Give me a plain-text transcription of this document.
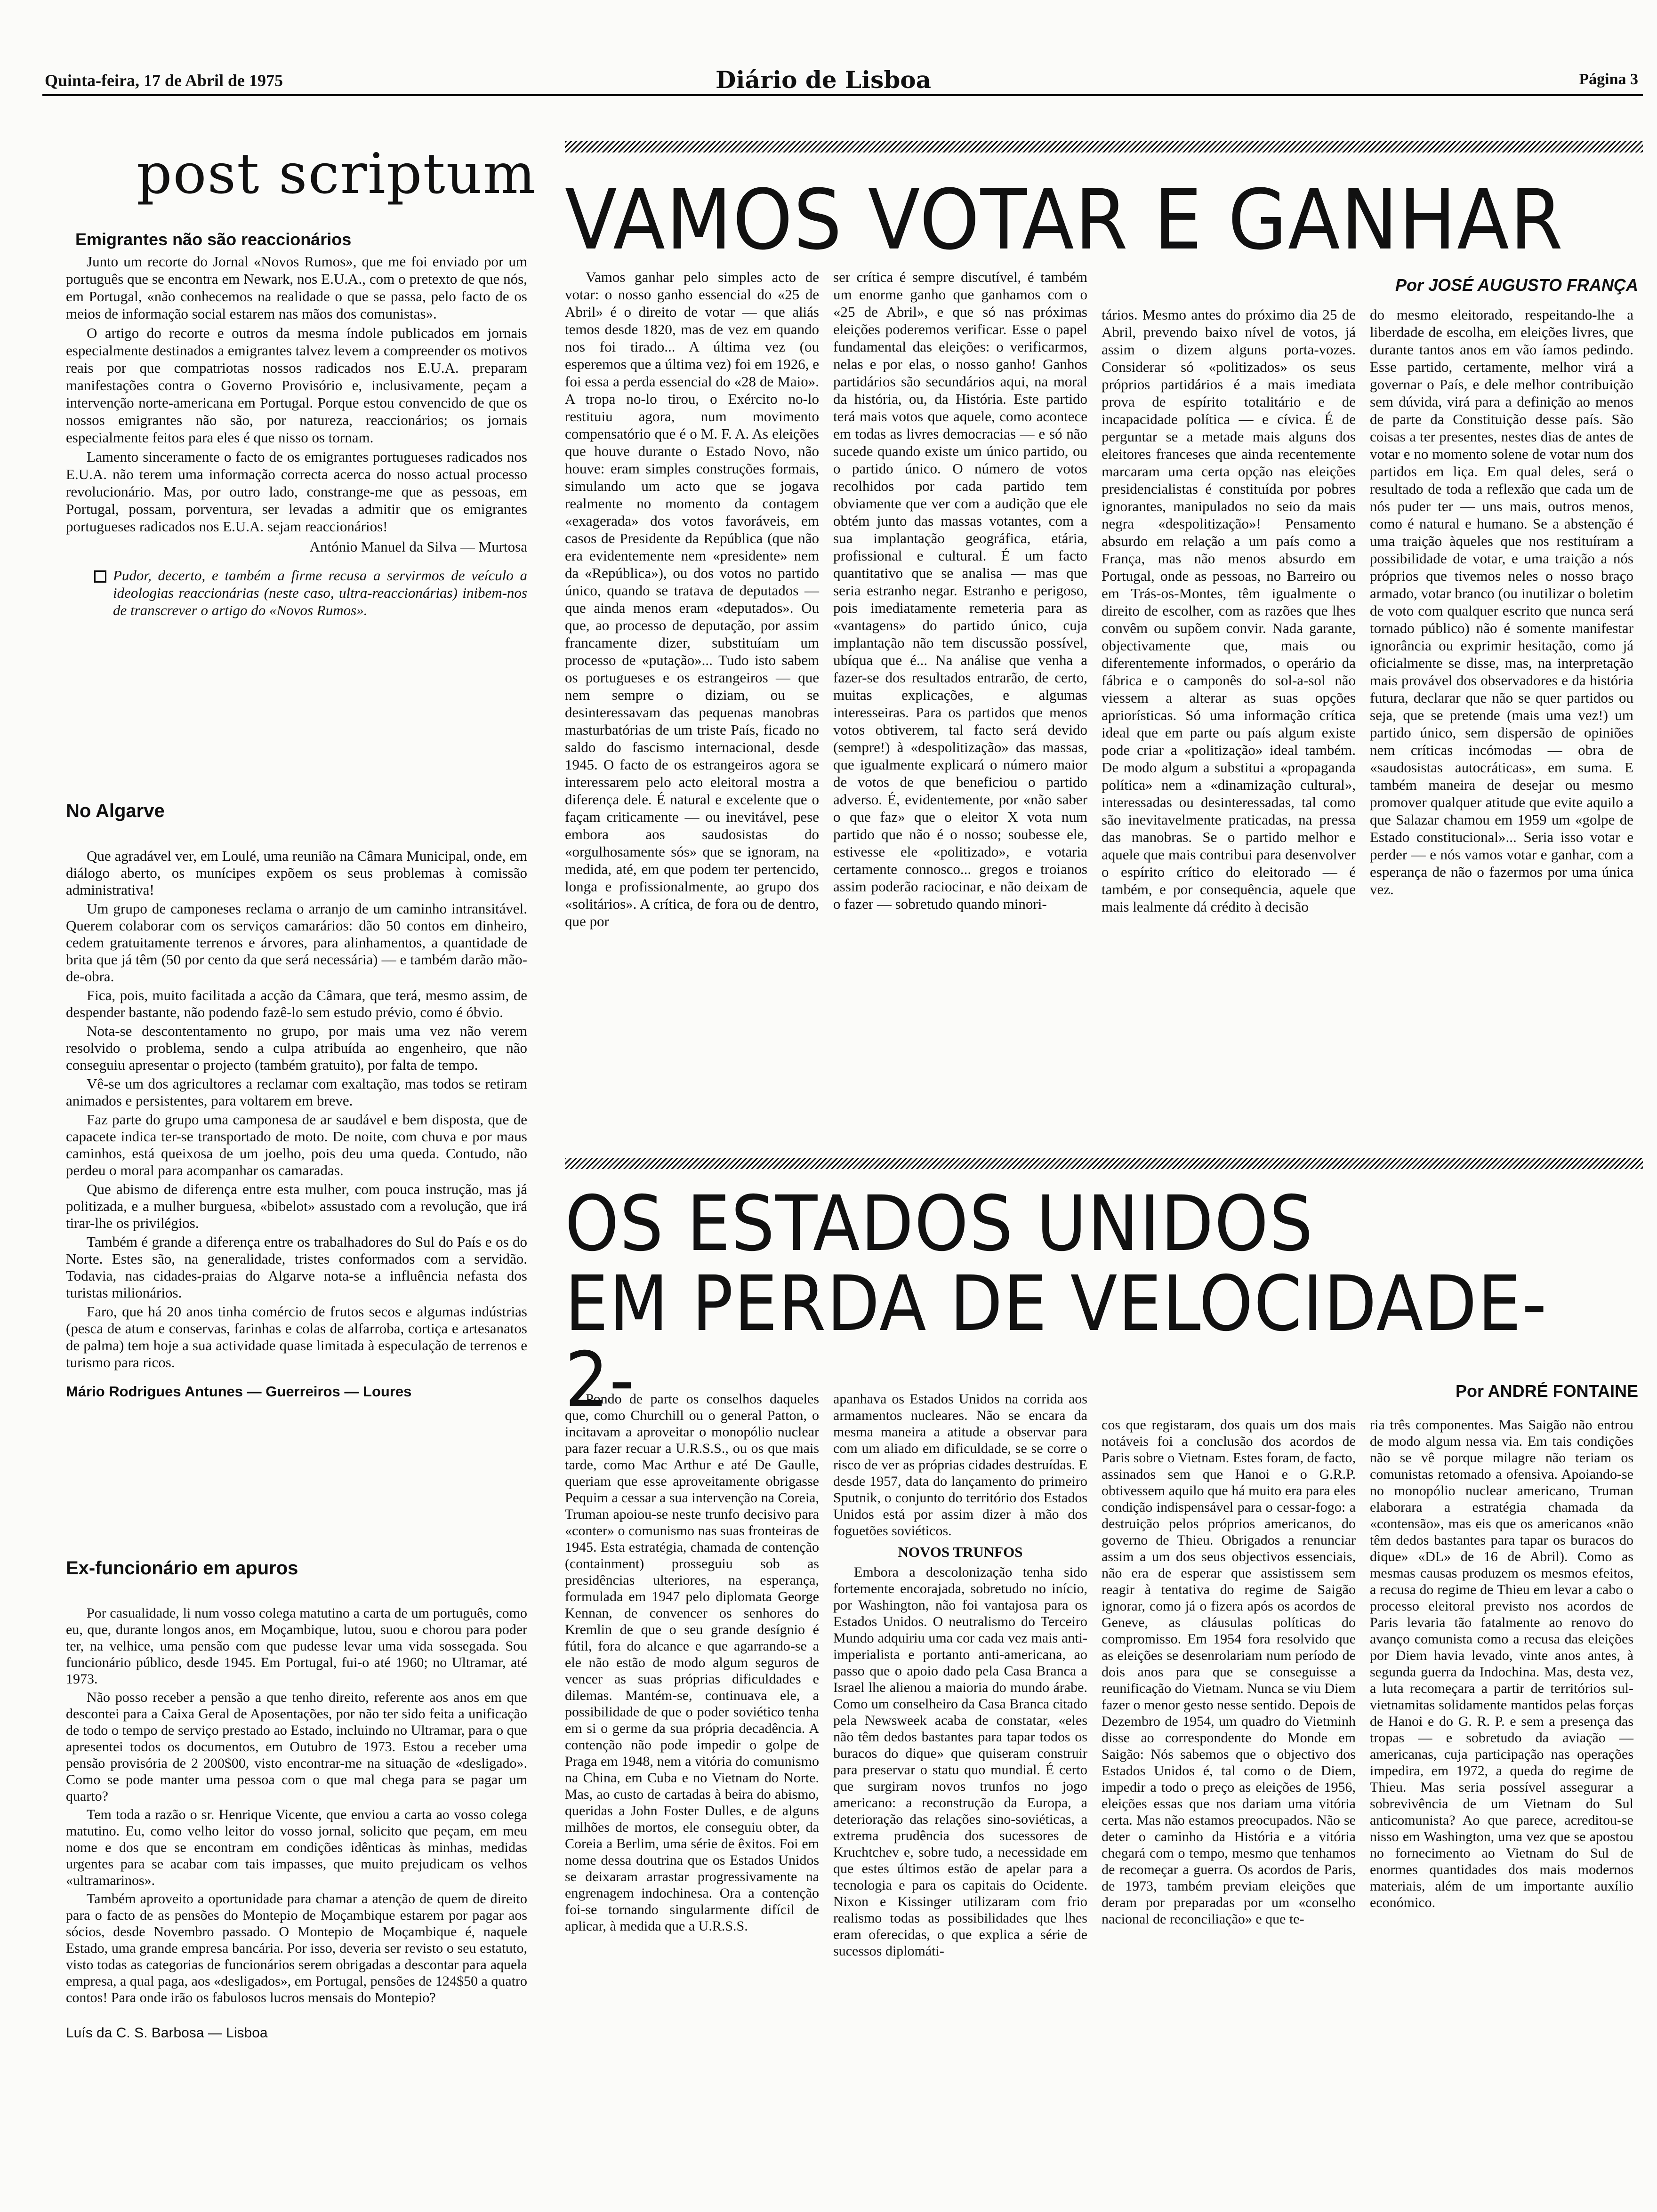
Quinta-feira, 17 de Abril de 1975	Diário de Lisboa	Página 3
post scriptum
Emigrantes não são reaccionários

Junto um recorte do Jornal «Novos Rumos», que me foi enviado por um português que se encontra em Newark, nos E.U.A., com o pretexto de que nós, em Portugal, «não conhecemos na realidade o que se passa, pelo facto de os meios de informação social estarem nas mãos dos comunistas».

O artigo do recorte e outros da mesma índole publicados em jornais especialmente destinados a emigrantes talvez levem a compreender os motivos reais por que compatriotas nossos radicados nos E.U.A. preparam manifestações contra o Governo Provisório e, inclusivamente, peçam a intervenção norte-americana em Portugal. Porque estou convencido de que os nossos emigrantes não são, por natureza, reaccionários; os jornais especialmente feitos para eles é que nisso os tornam.

Lamento sinceramente o facto de os emigrantes portugueses radicados nos E.U.A. não terem uma informação correcta acerca do nosso actual processo revolucionário. Mas, por outro lado, constrange-me que as pessoas, em Portugal, possam, porventura, ser levadas a admitir que os emigrantes portugueses radicados nos E.U.A. sejam reaccionários!

António Manuel da Silva — Murtosa
Pudor, decerto, e também a firme recusa a servirmos de veículo a ideologias reaccionárias (neste caso, ultra-reaccionárias) inibem-nos de transcrever o artigo do «Novos Rumos».
No Algarve

Que agradável ver, em Loulé, uma reunião na Câmara Municipal, onde, em diálogo aberto, os munícipes expõem os seus problemas à comissão administrativa!

Um grupo de camponeses reclama o arranjo de um caminho intransitável. Querem colaborar com os serviços camarários: dão 50 contos em dinheiro, cedem gratuitamente terrenos e árvores, para alinhamentos, a quantidade de brita que já têm (50 por cento da que será necessária) — e também darão mão-de-obra.

Fica, pois, muito facilitada a acção da Câmara, que terá, mesmo assim, de despender bastante, não podendo fazê-lo sem estudo prévio, como é óbvio.

Nota-se descontentamento no grupo, por mais uma vez não verem resolvido o problema, sendo a culpa atribuída ao engenheiro, que não conseguiu apresentar o projecto (também gratuito), por falta de tempo.

Vê-se um dos agricultores a reclamar com exaltação, mas todos se retiram animados e persistentes, para voltarem em breve.

Faz parte do grupo uma camponesa de ar saudável e bem disposta, que de capacete indica ter-se transportado de moto. De noite, com chuva e por maus caminhos, está queixosa de um joelho, pois deu uma queda. Contudo, não perdeu o moral para acompanhar os camaradas.

Que abismo de diferença entre esta mulher, com pouca instrução, mas já politizada, e a mulher burguesa, «bibelot» assustado com a revolução, que irá tirar-lhe os privilégios.

Também é grande a diferença entre os trabalhadores do Sul do País e os do Norte. Estes são, na generalidade, tristes conformados com a servidão. Todavia, nas cidades-praias do Algarve nota-se a influência nefasta dos turistas milionários.

Faro, que há 20 anos tinha comércio de frutos secos e algumas indústrias (pesca de atum e conservas, farinhas e colas de alfarroba, cortiça e artesanatos de palma) tem hoje a sua actividade quase limitada à especulação de terrenos e turismo para ricos.

Mário Rodrigues Antunes — Guerreiros — Loures
Ex-funcionário em apuros

Por casualidade, li num vosso colega matutino a carta de um português, como eu, que, durante longos anos, em Moçambique, lutou, suou e chorou para poder ter, na velhice, uma pensão com que pudesse levar uma vida sossegada. Sou funcionário público, desde 1945. Em Portugal, fui-o até 1960; no Ultramar, até 1973.

Não posso receber a pensão a que tenho direito, referente aos anos em que descontei para a Caixa Geral de Aposentações, por não ter sido feita a unificação de todo o tempo de serviço prestado ao Estado, incluindo no Ultramar, para o que apresentei todos os documentos, em Outubro de 1973. Estou a receber uma pensão provisória de 2 200$00, visto encontrar-me na situação de «desligado». Como se pode manter uma pessoa com o que mal chega para se pagar um quarto?

Tem toda a razão o sr. Henrique Vicente, que enviou a carta ao vosso colega matutino. Eu, como velho leitor do vosso jornal, solicito que peçam, em meu nome e dos que se encontram em condições idênticas às minhas, medidas urgentes para se acabar com tais impasses, que muito prejudicam os velhos «ultramarinos».

Também aproveito a oportunidade para chamar a atenção de quem de direito para o facto de as pensões do Montepio de Moçambique estarem por pagar aos sócios, desde Novembro passado. O Montepio de Moçambique é, naquele Estado, uma grande empresa bancária. Por isso, deveria ser revisto o seu estatuto, visto todas as categorias de funcionários serem obrigadas a descontar para aquela empresa, a qual paga, aos «desligados», em Portugal, pensões de 124$50 a quatro contos! Para onde irão os fabulosos lucros mensais do Montepio?

Luís da C. S. Barbosa — Lisboa
VAMOS VOTAR E GANHAR
Por JOSÉ AUGUSTO FRANÇA

Vamos ganhar pelo simples acto de votar: o nosso ganho essencial do «25 de Abril» é o direito de votar — que aliás temos desde 1820, mas de vez em quando nos foi tirado... A última vez (ou esperemos que a última vez) foi em 1926, e foi essa a perda essencial do «28 de Maio». A tropa no-lo tirou, o Exército no-lo restituiu agora, num movimento compensatório que é o M. F. A. As eleições que houve durante o Estado Novo, não houve: eram simples construções formais, simulando um acto que se jogava realmente no momento da contagem «exagerada» dos votos favoráveis, em casos de Presidente da República (que não era evidentemente nem «presidente» nem da «República»), ou dos votos no partido único, quando se tratava de deputados — que ainda menos eram «deputados». Ou que, ao processo de deputação, por assim francamente dizer, substituíam um processo de «putação»... Tudo isto sabem os portugueses e os estrangeiros — que nem sempre o diziam, ou se desinteressavam das pequenas manobras masturbatórias de um triste País, ficado no saldo do fascismo internacional, desde 1945. O facto de os estrangeiros agora se interessarem pelo acto eleitoral mostra a diferença dele. É natural e excelente que o façam criticamente — ou inevitável, pese embora aos saudosistas do «orgulhosamente sós» que se ignoram, na medida, até, em que podem ter pertencido, longa e profissionalmente, ao grupo dos «solitários». A crítica, de fora ou de dentro, que por

ser crítica é sempre discutível, é também um enorme ganho que ganhamos com o «25 de Abril», e que só nas próximas eleições poderemos verificar. Esse o papel fundamental das eleições: o verificarmos, nelas e por elas, o nosso ganho! Ganhos partidários são secundários aqui, na moral da história, ou, da História. Este partido terá mais votos que aquele, como acontece em todas as livres democracias — e só não sucede quando existe um único partido, ou o partido único. O número de votos recolhidos por cada partido tem obviamente que ver com a audição que ele obtém junto das massas votantes, com a sua implantação geográfica, etária, profissional e cultural. É um facto quantitativo que se analisa — mas que seria estranho negar. Estranho e perigoso, pois imediatamente remeteria para as «vantagens» do partido único, cuja implantação não tem discussão possível, ubíqua que é... Na análise que venha a fazer-se dos resultados entrarão, de certo, muitas explicações, e algumas interesseiras. Para os partidos que menos votos obtiverem, tal facto será devido (sempre!) à «despolitização» das massas, que igualmente explicará o número maior de votos de que beneficiou o partido adverso. É, evidentemente, por «não saber o que faz» que o eleitor X vota num partido que não é o nosso; soubesse ele, estivesse ele «politizado», e votaria certamente connosco... gregos e troianos assim poderão raciocinar, e não deixam de o fazer — sobretudo quando minori-

tários. Mesmo antes do próximo dia 25 de Abril, prevendo baixo nível de votos, já assim o dizem alguns porta-vozes. Considerar só «politizados» os seus próprios partidários é a mais imediata prova de espírito totalitário e de incapacidade política — e cívica. É de perguntar se a metade mais alguns dos eleitores franceses que ainda recentemente marcaram uma certa opção nas eleições presidencialistas é constituída por pobres ignorantes, manipulados no seio da mais negra «despolitização»! Pensamento absurdo em relação a um país como a França, mas não menos absurdo em Portugal, onde as pessoas, no Barreiro ou em Trás-os-Montes, têm igualmente o direito de escolher, com as razões que lhes convêm ou supõem convir. Nada garante, objectivamente que, mais ou diferentemente informados, o operário da fábrica e o camponês do sol-a-sol não viessem a alterar as suas opções apriorísticas. Só uma informação crítica ideal que em parte ou país algum existe pode criar a «politização» ideal também. De modo algum a substitui a «propaganda política» nem a «dinamização cultural», interessadas ou desinteressadas, tal como são inevitavelmente praticadas, na pressa das manobras. Se o partido melhor e aquele que mais contribui para desenvolver o espírito crítico do eleitorado — é também, e por consequência, aquele que mais lealmente dá crédito à decisão

do mesmo eleitorado, respeitando-lhe a liberdade de escolha, em eleições livres, que durante tantos anos em vão íamos pedindo. Esse partido, certamente, melhor virá a governar o País, e dele melhor contribuição sem dúvida, virá para a definição ao menos de parte da Constituição desse país. São coisas a ter presentes, nestes dias de antes de votar e no momento solene de votar num dos partidos em liça. Em qual deles, será o resultado de toda a reflexão que cada um de nós puder ter — uns mais, outros menos, como é natural e humano. Se a abstenção é uma traição àqueles que nos restituíram a possibilidade de votar, e uma traição a nós próprios que tivemos neles o nosso braço armado, votar branco (ou inutilizar o boletim de voto com qualquer escrito que nunca será tornado público) não é somente manifestar ignorância ou exprimir hesitação, como já oficialmente se disse, mas, na interpretação mais provável dos observadores e da história futura, declarar que não se quer partidos ou seja, que se pretende (mais uma vez!) um partido único, sem dispersão de opiniões nem críticas incómodas — obra de «saudosistas autocráticas», em suma. E também maneira de desejar ou mesmo promover qualquer atitude que evite aquilo a que Salazar chamou em 1959 um «golpe de Estado constitucional»... Seria isso votar e perder — e nós vamos votar e ganhar, com a esperança de não o fazermos por uma única vez.

OS ESTADOS UNIDOS
EM PERDA DE VELOCIDADE-2-	Por ANDRÉ FONTAINE

Pondo de parte os conselhos daqueles que, como Churchill ou o general Patton, o incitavam a aproveitar o monopólio nuclear para fazer recuar a U.R.S.S., ou os que mais tarde, como Mac Arthur e até De Gaulle, queriam que esse aproveitamente obrigasse Pequim a cessar a sua intervenção na Coreia, Truman apoiou-se neste trunfo decisivo para «conter» o comunismo nas suas fronteiras de 1945. Esta estratégia, chamada de contenção (containment) prosseguiu sob as presidências ulteriores, na esperança, formulada em 1947 pelo diplomata George Kennan, de convencer os senhores do Kremlin de que o seu grande desígnio é fútil, fora do alcance e que agarrando-se a ele não estão de modo algum seguros de vencer as suas próprias dificuldades e dilemas. Mantém-se, continuava ele, a possibilidade de que o poder soviético tenha em si o germe da sua própria decadência. A contenção não pode impedir o golpe de Praga em 1948, nem a vitória do comunismo na China, em Cuba e no Vietnam do Norte. Mas, ao custo de cartadas à beira do abismo, queridas a John Foster Dulles, e de alguns milhões de mortos, ele conseguiu obter, da Coreia a Berlim, uma série de êxitos. Foi em nome dessa doutrina que os Estados Unidos se deixaram arrastar progressivamente na engrenagem indochinesa. Ora a contenção foi-se tornando singularmente difícil de aplicar, à medida que a U.R.S.S.

apanhava os Estados Unidos na corrida aos armamentos nucleares. Não se encara da mesma maneira a atitude a observar para com um aliado em dificuldade, se se corre o risco de ver as próprias cidades destruídas. E desde 1957, data do lançamento do primeiro Sputnik, o conjunto do território dos Estados Unidos está por assim dizer à mão dos foguetões soviéticos.

NOVOS TRUNFOS

Embora a descolonização tenha sido fortemente encorajada, sobretudo no início, por Washington, não foi vantajosa para os Estados Unidos. O neutralismo do Terceiro Mundo adquiriu uma cor cada vez mais anti-imperialista e portanto anti-americana, ao passo que o apoio dado pela Casa Branca a Israel lhe alienou a maioria do mundo árabe. Como um conselheiro da Casa Branca citado pela Newsweek acaba de constatar, «eles não têm dedos bastantes para tapar todos os buracos do dique» que quiseram construir para preservar o statu quo mundial. É certo que surgiram novos trunfos no jogo americano: a reconstrução da Europa, a deterioração das relações sino-soviéticas, a extrema prudência dos sucessores de Kruchtchev e, sobre tudo, a necessidade em que estes últimos estão de apelar para a tecnologia e para os capitais do Ocidente. Nixon e Kissinger utilizaram com frio realismo todas as possibilidades que lhes eram oferecidas, o que explica a série de sucessos diplomáti-

cos que registaram, dos quais um dos mais notáveis foi a conclusão dos acordos de Paris sobre o Vietnam. Estes foram, de facto, assinados sem que Hanoi e o G.R.P. obtivessem aquilo que há muito era para eles condição indispensável para o cessar-fogo: a destruição pelos próprios americanos, do governo de Thieu. Obrigados a renunciar assim a um dos seus objectivos essenciais, não era de esperar que assistissem sem reagir à tentativa do regime de Saigão ignorar, como já o fizera após os acordos de Geneve, as cláusulas políticas do compromisso. Em 1954 fora resolvido que as eleições se desenrolariam num período de dois anos para que se conseguisse a reunificação do Vietnam. Nunca se viu Diem fazer o menor gesto nesse sentido. Depois de Dezembro de 1954, um quadro do Vietminh disse ao correspondente do Monde em Saigão: Nós sabemos que o objectivo dos Estados Unidos é, tal como o de Diem, impedir a todo o preço as eleições de 1956, eleições essas que nos dariam uma vitória certa. Mas não estamos preocupados. Não se deter o caminho da História e a vitória chegará com o tempo, mesmo que tenhamos de recomeçar a guerra. Os acordos de Paris, de 1973, também previam eleições que deram por preparadas por um «conselho nacional de reconciliação» e que te-

ria três componentes. Mas Saigão não entrou de modo algum nessa via. Em tais condições não se vê porque milagre não teriam os comunistas retomado a ofensiva. Apoiando-se no monopólio nuclear americano, Truman elaborara a estratégia chamada da «contensão», mas eis que os americanos «não têm dedos bastantes para tapar os buracos do dique» «DL» de 16 de Abril). Como as mesmas causas produzem os mesmos efeitos, a recusa do regime de Thieu em levar a cabo o processo eleitoral previsto nos acordos de Paris levaria tão fatalmente ao renovo do avanço comunista como a recusa das eleições por Diem havia levado, vinte anos antes, à segunda guerra da Indochina. Mas, desta vez, a luta recomeçara a partir de territórios sul-vietnamitas solidamente mantidos pelas forças de Hanoi e do G. R. P. e sem a presença das tropas — e sobretudo da aviação — americanas, cuja participação nas operações impedira, em 1972, a queda do regime de Thieu. Mas seria possível assegurar a sobrevivência de um Vietnam do Sul anticomunista? Ao que parece, acreditou-se nisso em Washington, uma vez que se apostou no fornecimento ao Vietnam do Sul de enormes quantidades dos mais modernos materiais, além de um importante auxílio económico.
